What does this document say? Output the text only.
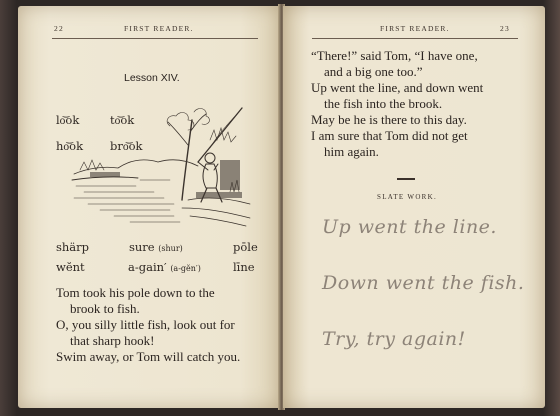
22	FIRST READER.
Lesson XIV.
lo͝ok	to͝ok
ho͝ok bro͝ok
shärp	sure (shur)	pōle
wĕnt	a-gain′ (a-gĕn′)	līne
Tom took his pole down to the
brook to fish.
O, you silly little fish, look out for
that sharp hook!
Swim away, or Tom will catch you.
FIRST READER.	23
“There!” said Tom, “I have one,
and a big one too.”
Up went the line, and down went
the fish into the brook.
May be he is there to this day.
I am sure that Tom did not get
him again.
SLATE WORK.
Up went the line.
Down went the fish.
Try, try again!
